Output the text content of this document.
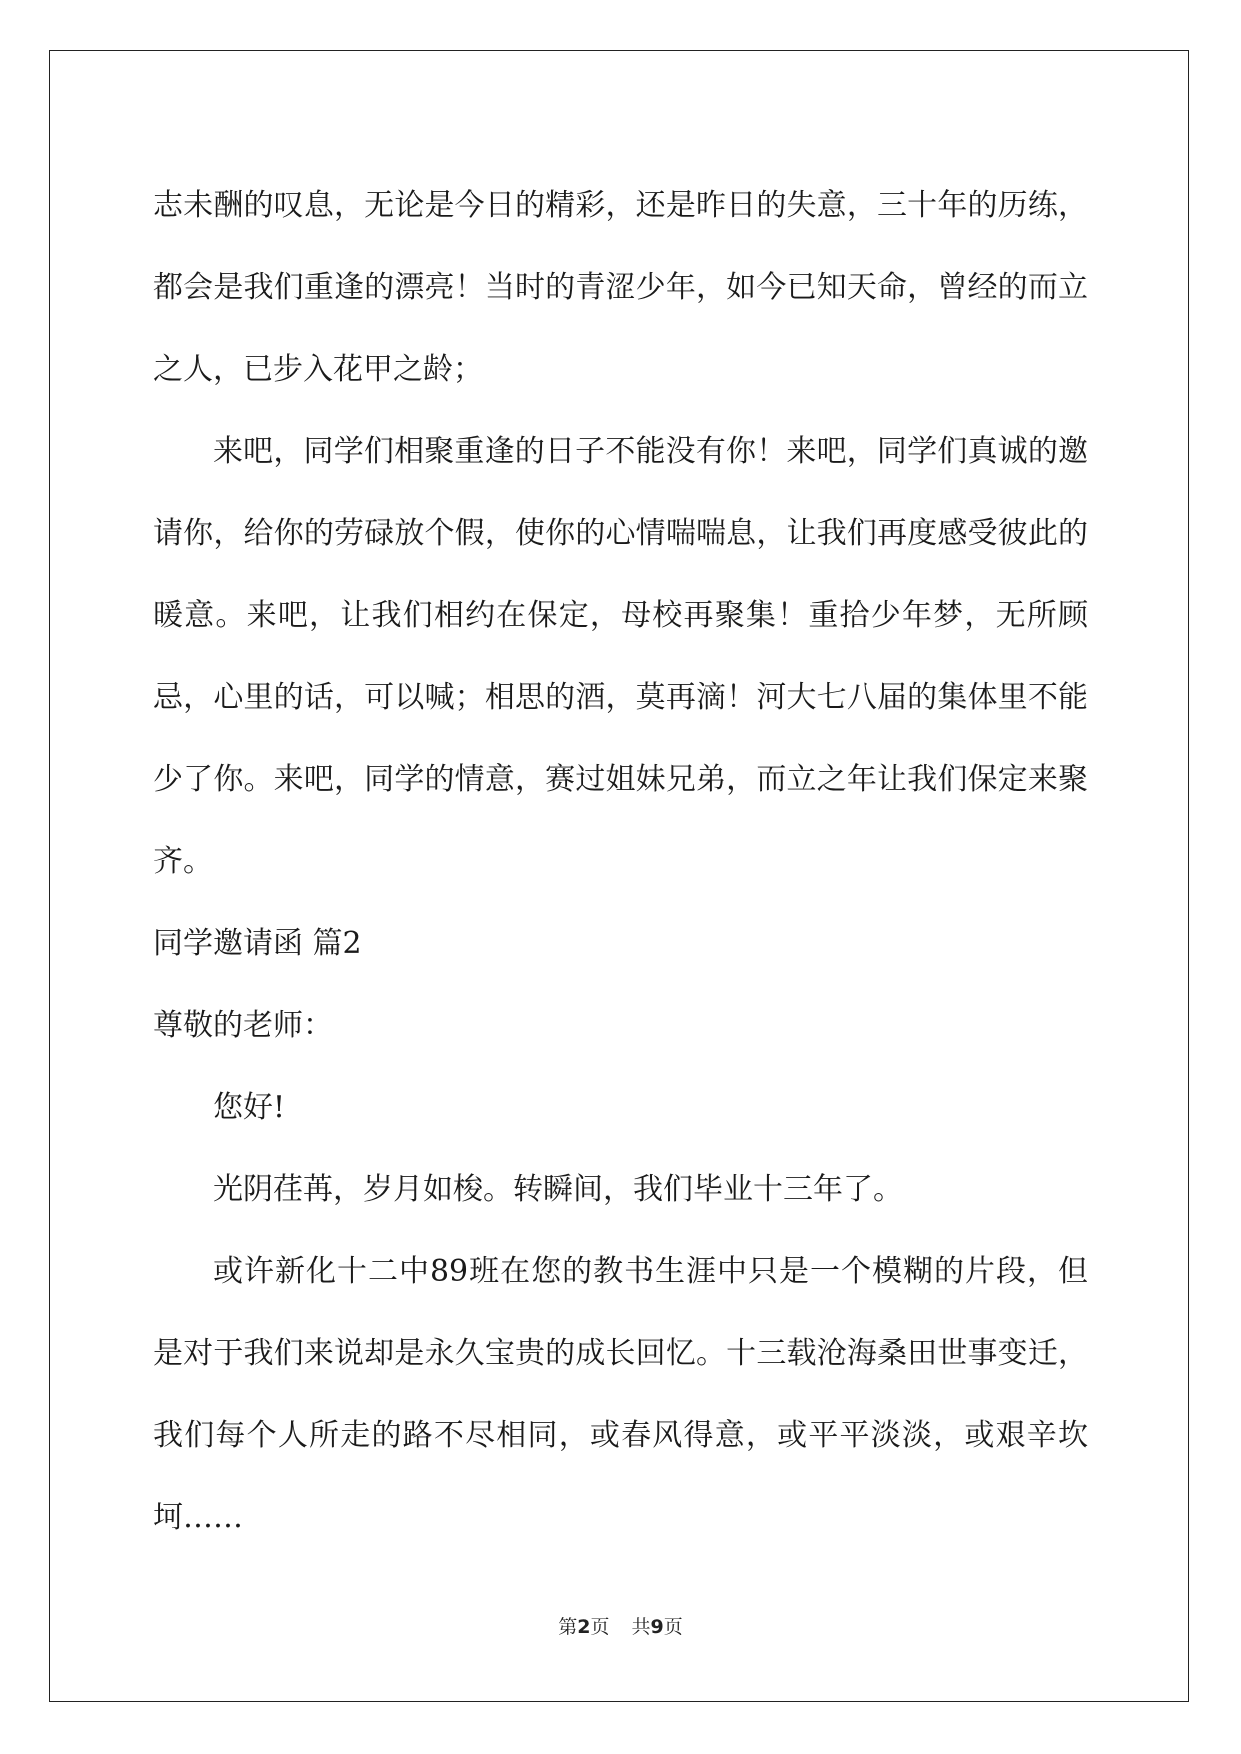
志未酬的叹息，无论是今日的精彩，还是昨日的失意，三十年的历练，都会是我们重逢的漂亮！当时的青涩少年，如今已知天命，曾经的而立之人，已步入花甲之龄；

来吧，同学们相聚重逢的日子不能没有你！来吧，同学们真诚的邀请你，给你的劳碌放个假，使你的心情喘喘息，让我们再度感受彼此的暖意。来吧，让我们相约在保定，母校再聚集！重拾少年梦，无所顾忌，心里的话，可以喊；相思的酒，莫再滴！河大七八届的集体里不能少了你。来吧，同学的情意，赛过姐妹兄弟，而立之年让我们保定来聚齐。

同学邀请函 篇2

尊敬的老师：

您好!

光阴荏苒，岁月如梭。转瞬间，我们毕业十三年了。

或许新化十二中89班在您的教书生涯中只是一个模糊的片段，但是对于我们来说却是永久宝贵的成长回忆。十三载沧海桑田世事变迁，我们每个人所走的路不尽相同，或春风得意，或平平淡淡，或艰辛坎坷……

第2页 共9页
